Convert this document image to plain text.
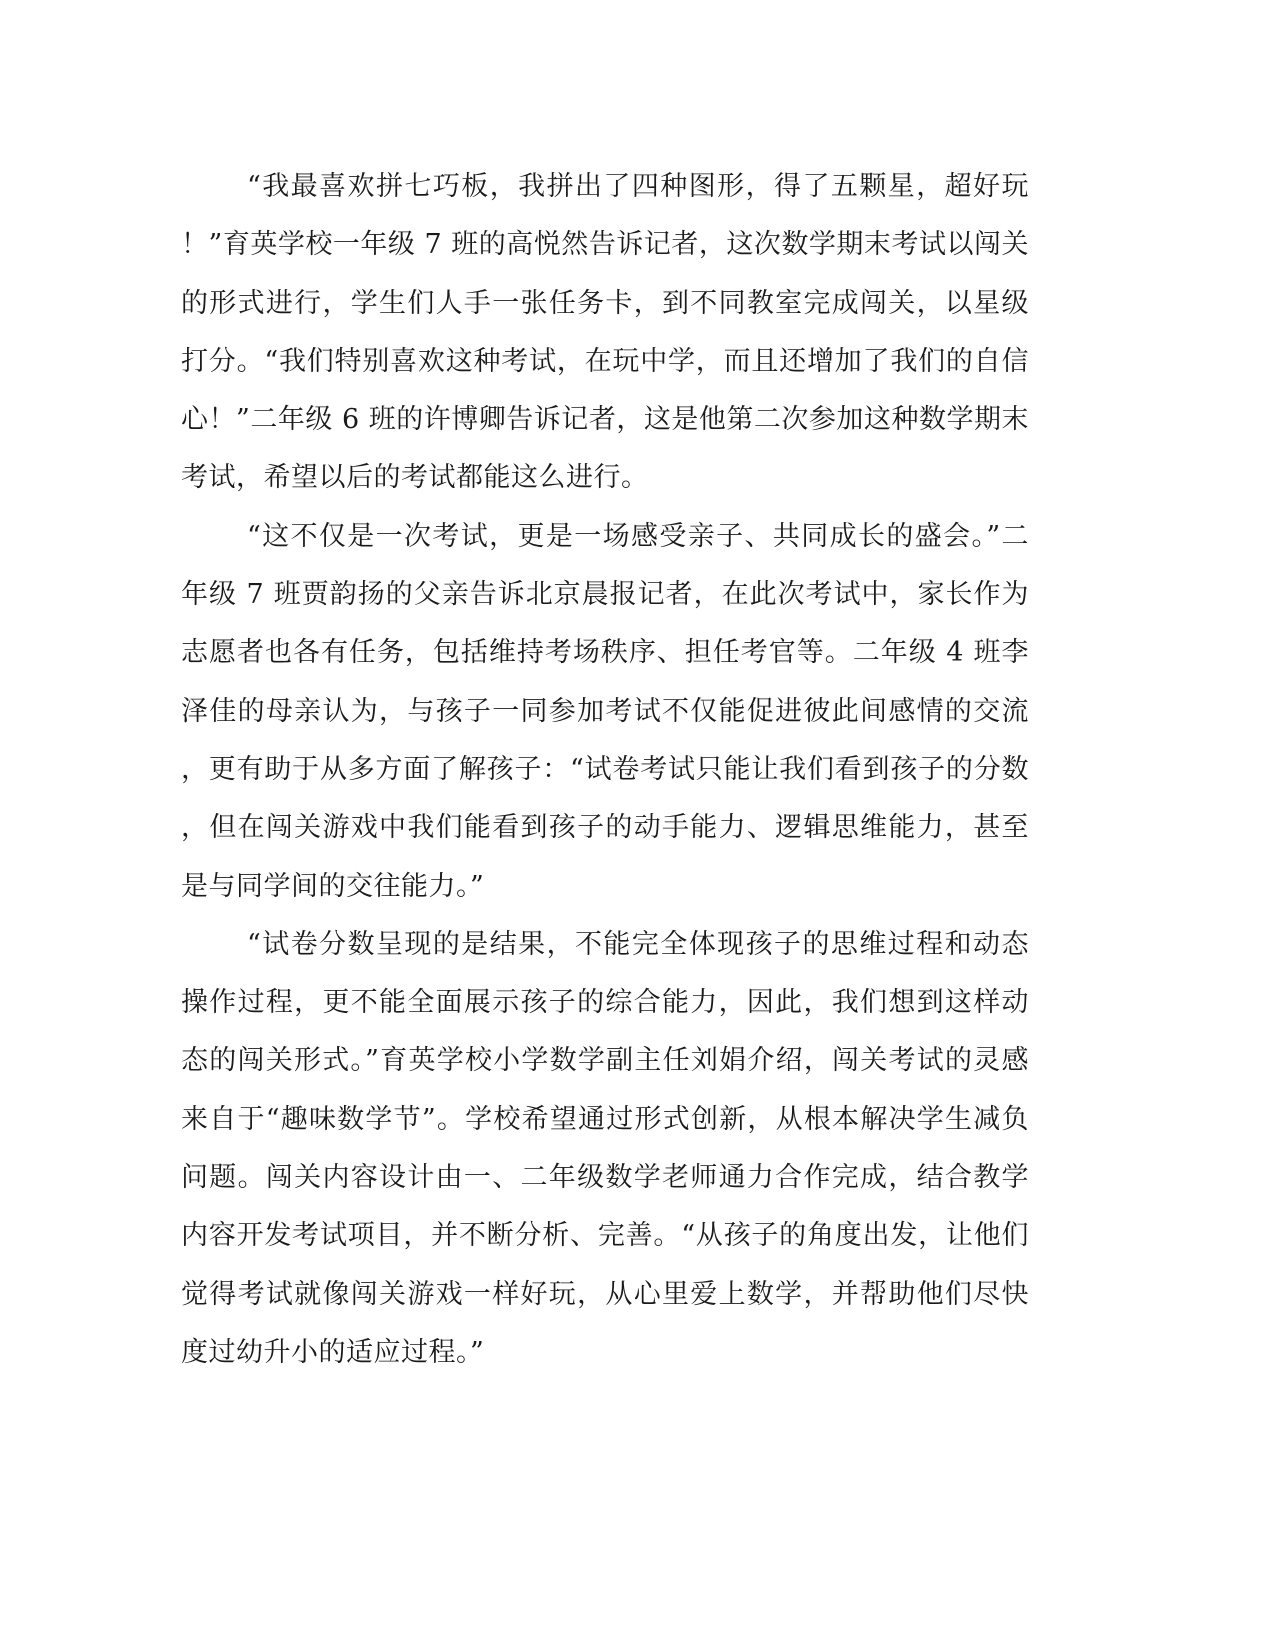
“我最喜欢拼七巧板，我拼出了四种图形，得了五颗星，超好玩
！”育英学校一年级 7 班的高悦然告诉记者，这次数学期末考试以闯关
的形式进行，学生们人手一张任务卡，到不同教室完成闯关，以星级
打分。“我们特别喜欢这种考试，在玩中学，而且还增加了我们的自信
心！”二年级 6 班的许博卿告诉记者，这是他第二次参加这种数学期末
考试，希望以后的考试都能这么进行。
“这不仅是一次考试，更是一场感受亲子、共同成长的盛会。”二
年级 7 班贾韵扬的父亲告诉北京晨报记者，在此次考试中，家长作为
志愿者也各有任务，包括维持考场秩序、担任考官等。二年级 4 班李
泽佳的母亲认为，与孩子一同参加考试不仅能促进彼此间感情的交流
，更有助于从多方面了解孩子：“试卷考试只能让我们看到孩子的分数
，但在闯关游戏中我们能看到孩子的动手能力、逻辑思维能力，甚至
是与同学间的交往能力。”
“试卷分数呈现的是结果，不能完全体现孩子的思维过程和动态
操作过程，更不能全面展示孩子的综合能力，因此，我们想到这样动
态的闯关形式。”育英学校小学数学副主任刘娟介绍，闯关考试的灵感
来自于“趣味数学节”。学校希望通过形式创新，从根本解决学生减负
问题。闯关内容设计由一、二年级数学老师通力合作完成，结合教学
内容开发考试项目，并不断分析、完善。“从孩子的角度出发，让他们
觉得考试就像闯关游戏一样好玩，从心里爱上数学，并帮助他们尽快
度过幼升小的适应过程。”
